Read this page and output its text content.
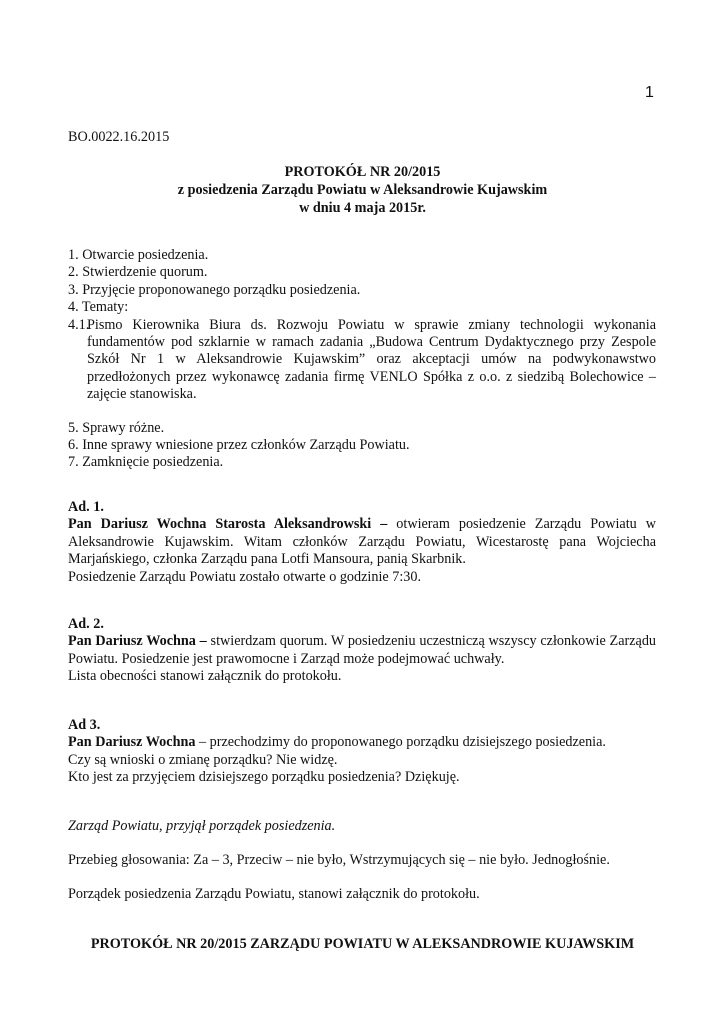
1
BO.0022.16.2015
PROTOKÓŁ NR 20/2015
z posiedzenia Zarządu Powiatu w Aleksandrowie Kujawskim
w dniu 4 maja 2015r.
1. Otwarcie posiedzenia.
2. Stwierdzenie quorum.
3. Przyjęcie proponowanego porządku posiedzenia.
4. Tematy:
4.1.
Pismo Kierownika Biura ds. Rozwoju Powiatu w sprawie zmiany technologii wykonania fundamentów pod szklarnie w ramach zadania „Budowa Centrum Dydaktycznego przy Zespole Szkół Nr 1 w Aleksandrowie Kujawskim” oraz akceptacji umów na podwykonawstwo przedłożonych przez wykonawcę zadania firmę VENLO Spółka z o.o. z siedzibą Bolechowice – zajęcie stanowiska.
5. Sprawy różne.
6. Inne sprawy wniesione przez członków Zarządu Powiatu.
7. Zamknięcie posiedzenia.
Ad. 1.

Pan Dariusz Wochna Starosta Aleksandrowski – otwieram posiedzenie Zarządu Powiatu w Aleksandrowie Kujawskim. Witam członków Zarządu Powiatu, Wicestarostę pana Wojciecha Marjańskiego, członka Zarządu pana Lotfi Mansoura, panią Skarbnik.

Posiedzenie Zarządu Powiatu zostało otwarte o godzinie 7:30.
Ad. 2.

Pan Dariusz Wochna – stwierdzam quorum. W posiedzeniu uczestniczą wszyscy członkowie Zarządu Powiatu. Posiedzenie jest prawomocne i Zarząd może podejmować uchwały.

Lista obecności stanowi załącznik do protokołu.
Ad 3.
Pan Dariusz Wochna – przechodzimy do proponowanego porządku dzisiejszego posiedzenia.
Czy są wnioski o zmianę porządku? Nie widzę.
Kto jest za przyjęciem dzisiejszego porządku posiedzenia? Dziękuję.
Zarząd Powiatu, przyjął porządek posiedzenia.
Przebieg głosowania: Za – 3, Przeciw – nie było, Wstrzymujących się – nie było. Jednogłośnie.
Porządek posiedzenia Zarządu Powiatu, stanowi załącznik do protokołu.
PROTOKÓŁ NR 20/2015 ZARZĄDU POWIATU W ALEKSANDROWIE KUJAWSKIM
